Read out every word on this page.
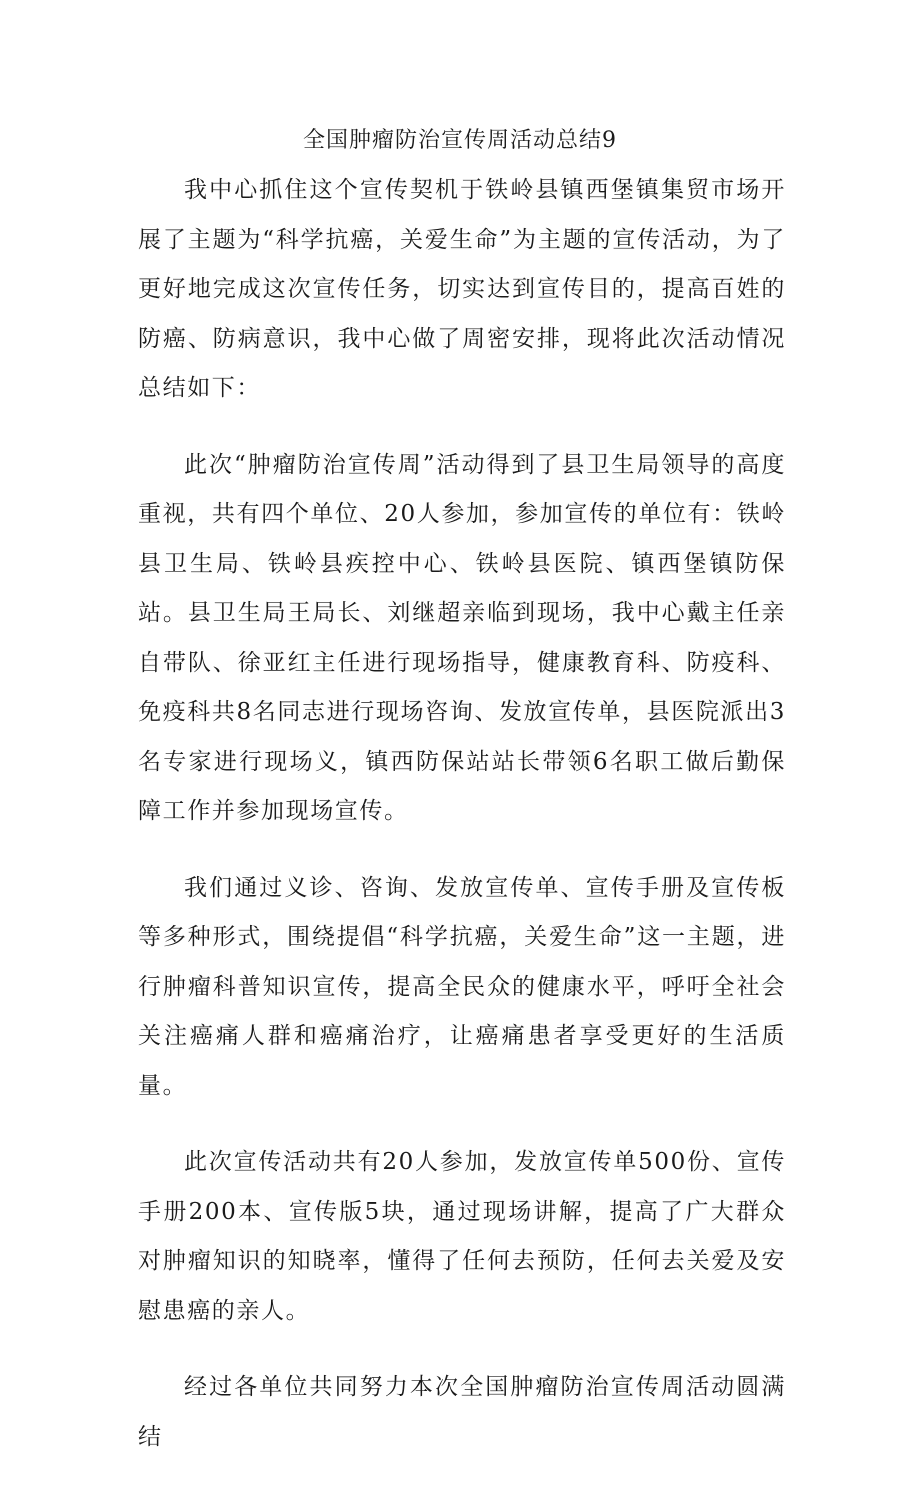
全国肿瘤防治宣传周活动总结9

我中心抓住这个宣传契机于铁岭县镇西堡镇集贸市场开展了主题为“科学抗癌，关爱生命”为主题的宣传活动，为了更好地完成这次宣传任务，切实达到宣传目的，提高百姓的防癌、防病意识，我中心做了周密安排，现将此次活动情况总结如下：

此次“肿瘤防治宣传周”活动得到了县卫生局领导的高度重视，共有四个单位、20人参加，参加宣传的单位有：铁岭县卫生局、铁岭县疾控中心、铁岭县医院、镇西堡镇防保站。县卫生局王局长、刘继超亲临到现场，我中心戴主任亲自带队、徐亚红主任进行现场指导，健康教育科、防疫科、免疫科共8名同志进行现场咨询、发放宣传单，县医院派出3名专家进行现场义，镇西防保站站长带领6名职工做后勤保障工作并参加现场宣传。

我们通过义诊、咨询、发放宣传单、宣传手册及宣传板等多种形式，围绕提倡“科学抗癌，关爱生命”这一主题，进行肿瘤科普知识宣传，提高全民众的健康水平，呼吁全社会关注癌痛人群和癌痛治疗，让癌痛患者享受更好的生活质量。

此次宣传活动共有20人参加，发放宣传单500份、宣传手册200本、宣传版5块，通过现场讲解，提高了广大群众对肿瘤知识的知晓率，懂得了任何去预防，任何去关爱及安慰患癌的亲人。

经过各单位共同努力本次全国肿瘤防治宣传周活动圆满结
